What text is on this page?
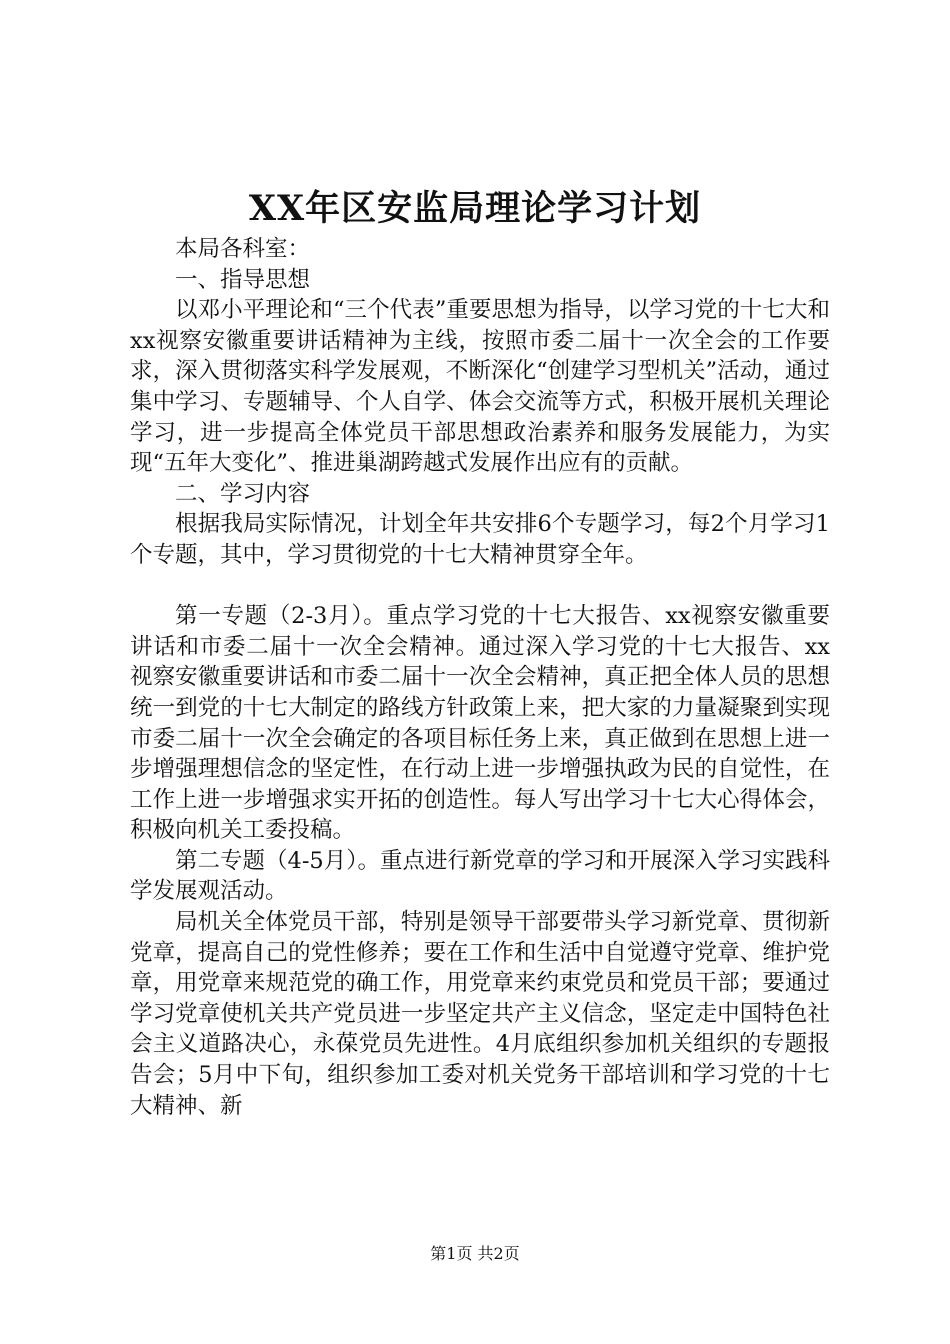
XX年区安监局理论学习计划

本局各科室：

一、指导思想

以邓小平理论和“三个代表”重要思想为指导，以学习党的十七大和xx视察安徽重要讲话精神为主线，按照市委二届十一次全会的工作要求，深入贯彻落实科学发展观，不断深化“创建学习型机关”活动，通过集中学习、专题辅导、个人自学、体会交流等方式，积极开展机关理论学习，进一步提高全体党员干部思想政治素养和服务发展能力，为实现“五年大变化”、推进巢湖跨越式发展作出应有的贡献。

二、学习内容

根据我局实际情况，计划全年共安排6个专题学习，每2个月学习1个专题，其中，学习贯彻党的十七大精神贯穿全年。

第一专题（2-3月）。重点学习党的十七大报告、xx视察安徽重要讲话和市委二届十一次全会精神。通过深入学习党的十七大报告、xx视察安徽重要讲话和市委二届十一次全会精神，真正把全体人员的思想统一到党的十七大制定的路线方针政策上来，把大家的力量凝聚到实现市委二届十一次全会确定的各项目标任务上来，真正做到在思想上进一步增强理想信念的坚定性，在行动上进一步增强执政为民的自觉性，在工作上进一步增强求实开拓的创造性。每人写出学习十七大心得体会，积极向机关工委投稿。

第二专题（4-5月）。重点进行新党章的学习和开展深入学习实践科学发展观活动。

局机关全体党员干部，特别是领导干部要带头学习新党章、贯彻新党章，提高自己的党性修养；要在工作和生活中自觉遵守党章、维护党章，用党章来规范党的确工作，用党章来约束党员和党员干部；要通过学习党章使机关共产党员进一步坚定共产主义信念，坚定走中国特色社会主义道路决心，永葆党员先进性。4月底组织参加机关组织的专题报告会；5月中下旬，组织参加工委对机关党务干部培训和学习党的十七大精神、新

第1页 共2页
